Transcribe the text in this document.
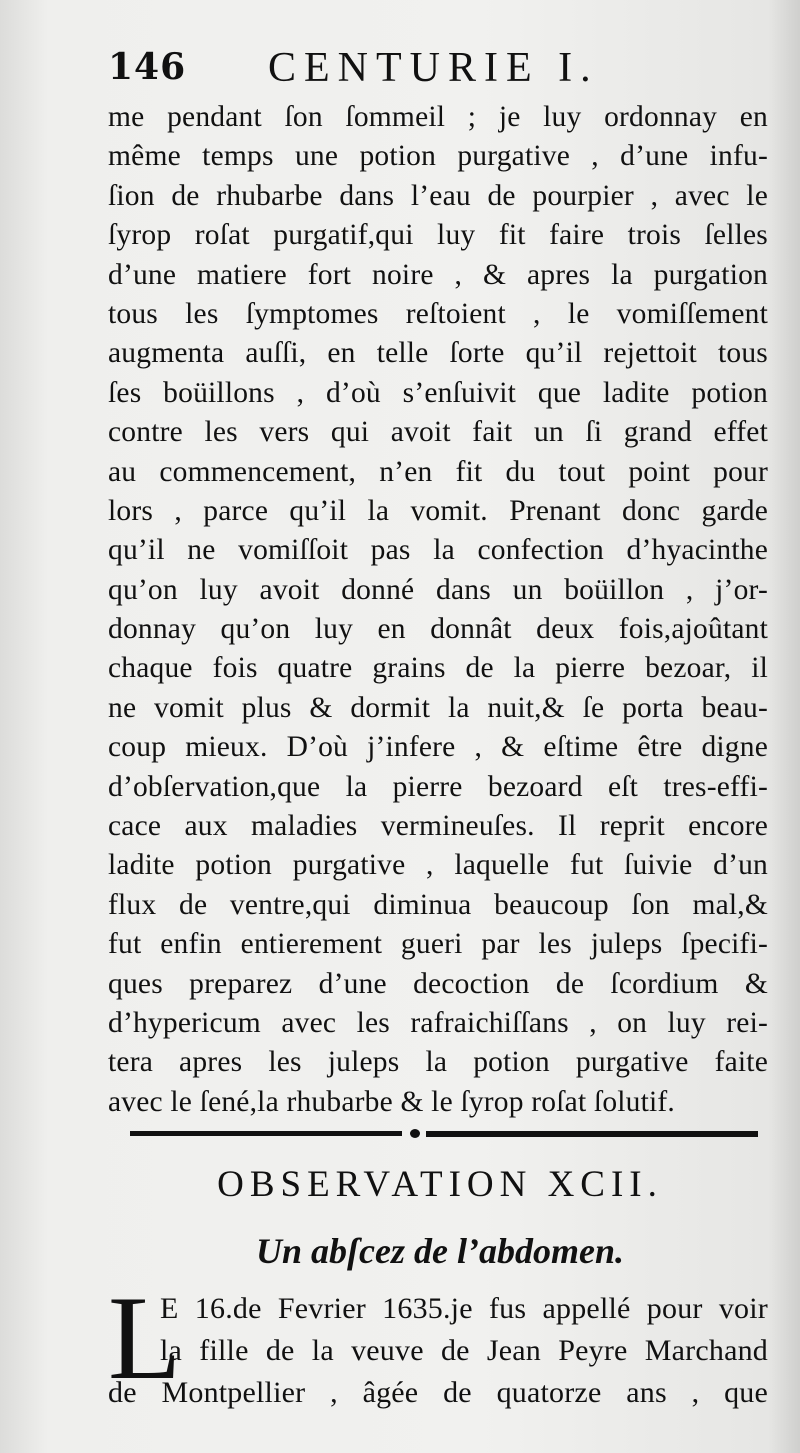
146 CENTURIE I.
me pendant ſon ſommeil ; je luy ordonnay en
même temps une potion purgative , d’une infu-
ſion de rhubarbe dans l’eau de pourpier , avec le
ſyrop roſat purgatif,qui luy fit faire trois ſelles
d’une matiere fort noire , & apres la purgation
tous les ſymptomes reſtoient , le vomiſſement
augmenta auſſi, en telle ſorte qu’il rejettoit tous
ſes boüillons , d’où s’enſuivit que ladite potion
contre les vers qui avoit fait un ſi grand effet
au commencement, n’en fit du tout point pour
lors , parce qu’il la vomit. Prenant donc garde
qu’il ne vomiſſoit pas la confection d’hyacinthe
qu’on luy avoit donné dans un boüillon , j’or-
donnay qu’on luy en donnât deux fois,ajoûtant
chaque fois quatre grains de la pierre bezoar, il
ne vomit plus & dormit la nuit,& ſe porta beau-
coup mieux. D’où j’infere , & eſtime être digne
d’obſervation,que la pierre bezoard eſt tres-effi-
cace aux maladies vermineuſes. Il reprit encore
ladite potion purgative , laquelle fut ſuivie d’un
flux de ventre,qui diminua beaucoup ſon mal,&
fut enfin entierement gueri par les juleps ſpecifi-
ques preparez d’une decoction de ſcordium &
d’hypericum avec les rafraichiſſans , on luy rei-
tera apres les juleps la potion purgative faite
avec le ſené,la rhubarbe & le ſyrop roſat ſolutif.
OBSERVATION XCII.
Un abſcez de l’abdomen.
L
E 16.de Fevrier 1635.je fus appellé pour voir
la fille de la veuve de Jean Peyre Marchand
de Montpellier , âgée de quatorze ans , que
